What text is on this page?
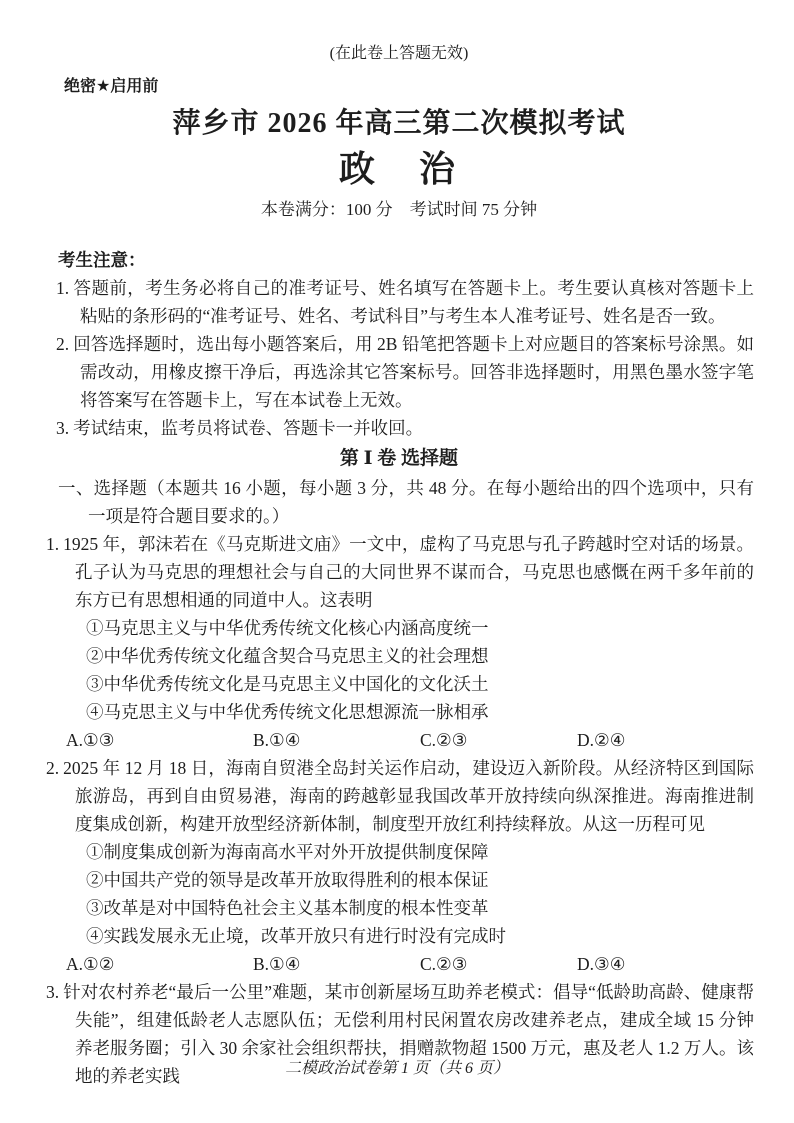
(在此卷上答题无效)
绝密★启用前
萍乡市 2026 年高三第二次模拟考试
政　治
本卷满分：100 分　考试时间 75 分钟
考生注意：

1. 答题前，考生务必将自己的准考证号、姓名填写在答题卡上。考生要认真核对答题卡上粘贴的条形码的“准考证号、姓名、考试科目”与考生本人准考证号、姓名是否一致。

2. 回答选择题时，选出每小题答案后，用 2B 铅笔把答题卡上对应题目的答案标号涂黑。如需改动，用橡皮擦干净后，再选涂其它答案标号。回答非选择题时，用黑色墨水签字笔将答案写在答题卡上，写在本试卷上无效。

3. 考试结束，监考员将试卷、答题卡一并收回。

第 Ⅰ 卷 选择题

一、选择题（本题共 16 小题，每小题 3 分，共 48 分。在每小题给出的四个选项中，只有一项是符合题目要求的。）

1. 1925 年，郭沫若在《马克斯进文庙》一文中，虚构了马克思与孔子跨越时空对话的场景。孔子认为马克思的理想社会与自己的大同世界不谋而合，马克思也感慨在两千多年前的东方已有思想相通的同道中人。这表明

①马克思主义与中华优秀传统文化核心内涵高度统一

②中华优秀传统文化蕴含契合马克思主义的社会理想

③中华优秀传统文化是马克思主义中国化的文化沃土

④马克思主义与中华优秀传统文化思想源流一脉相承

A.①③	B.①④	C.②③	D.②④

2. 2025 年 12 月 18 日，海南自贸港全岛封关运作启动，建设迈入新阶段。从经济特区到国际旅游岛，再到自由贸易港，海南的跨越彰显我国改革开放持续向纵深推进。海南推进制度集成创新，构建开放型经济新体制，制度型开放红利持续释放。从这一历程可见

①制度集成创新为海南高水平对外开放提供制度保障

②中国共产党的领导是改革开放取得胜利的根本保证

③改革是对中国特色社会主义基本制度的根本性变革

④实践发展永无止境，改革开放只有进行时没有完成时

A.①②	B.①④	C.②③	D.③④

3. 针对农村养老“最后一公里”难题，某市创新屋场互助养老模式：倡导“低龄助高龄、健康帮失能”，组建低龄老人志愿队伍；无偿利用村民闲置农房改建养老点，建成全域 15 分钟养老服务圈；引入 30 余家社会组织帮扶，捐赠款物超 1500 万元，惠及老人 1.2 万人。该地的养老实践	二模政治试卷第 1 页（共 6 页）
